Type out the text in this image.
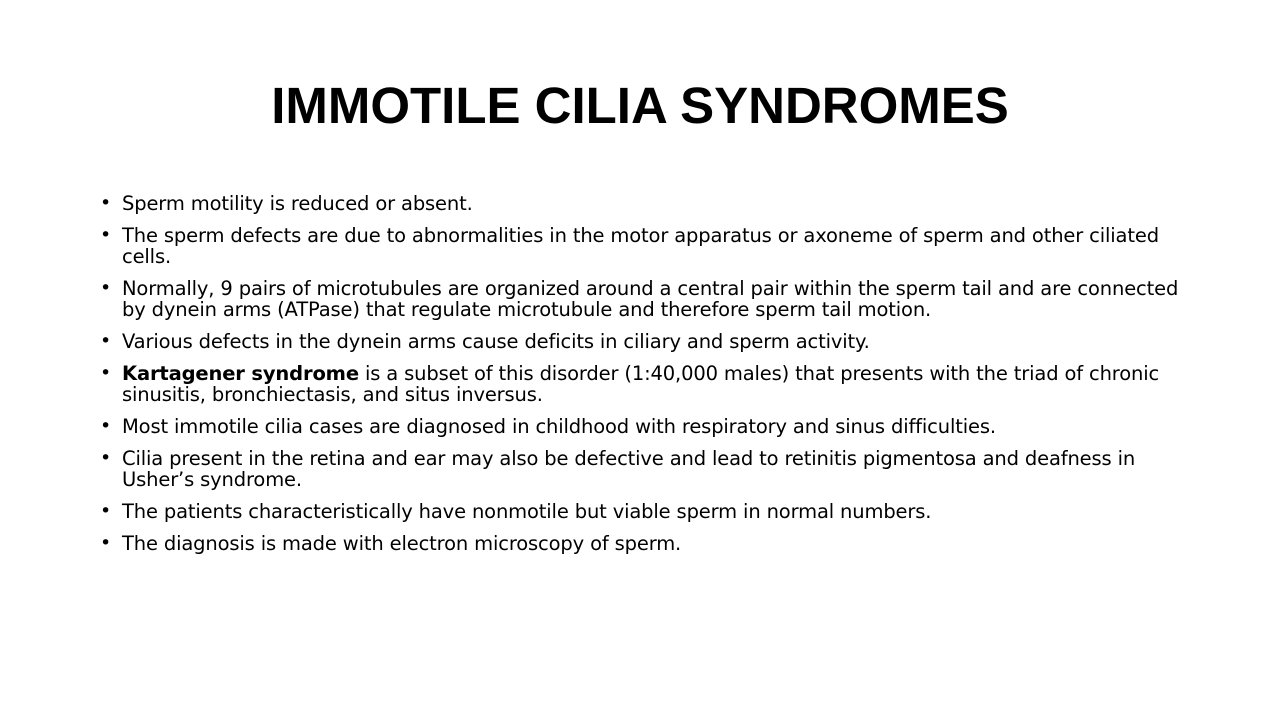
IMMOTILE CILIA SYNDROMES
• Sperm motility is reduced or absent.
• The sperm defects are due to abnormalities in the motor apparatus or axoneme of sperm and other ciliated cells.
• Normally, 9 pairs of microtubules are organized around a central pair within the sperm tail and are connected by dynein arms (ATPase) that regulate microtubule and therefore sperm tail motion.
• Various defects in the dynein arms cause deficits in ciliary and sperm activity.
• Kartagener syndrome is a subset of this disorder (1:40,000 males) that presents with the triad of chronic sinusitis, bronchiectasis, and situs inversus.
• Most immotile cilia cases are diagnosed in childhood with respiratory and sinus difficulties.
• Cilia present in the retina and ear may also be defective and lead to retinitis pigmentosa and deafness in Usher’s syndrome.
• The patients characteristically have nonmotile but viable sperm in normal numbers.
• The diagnosis is made with electron microscopy of sperm.
